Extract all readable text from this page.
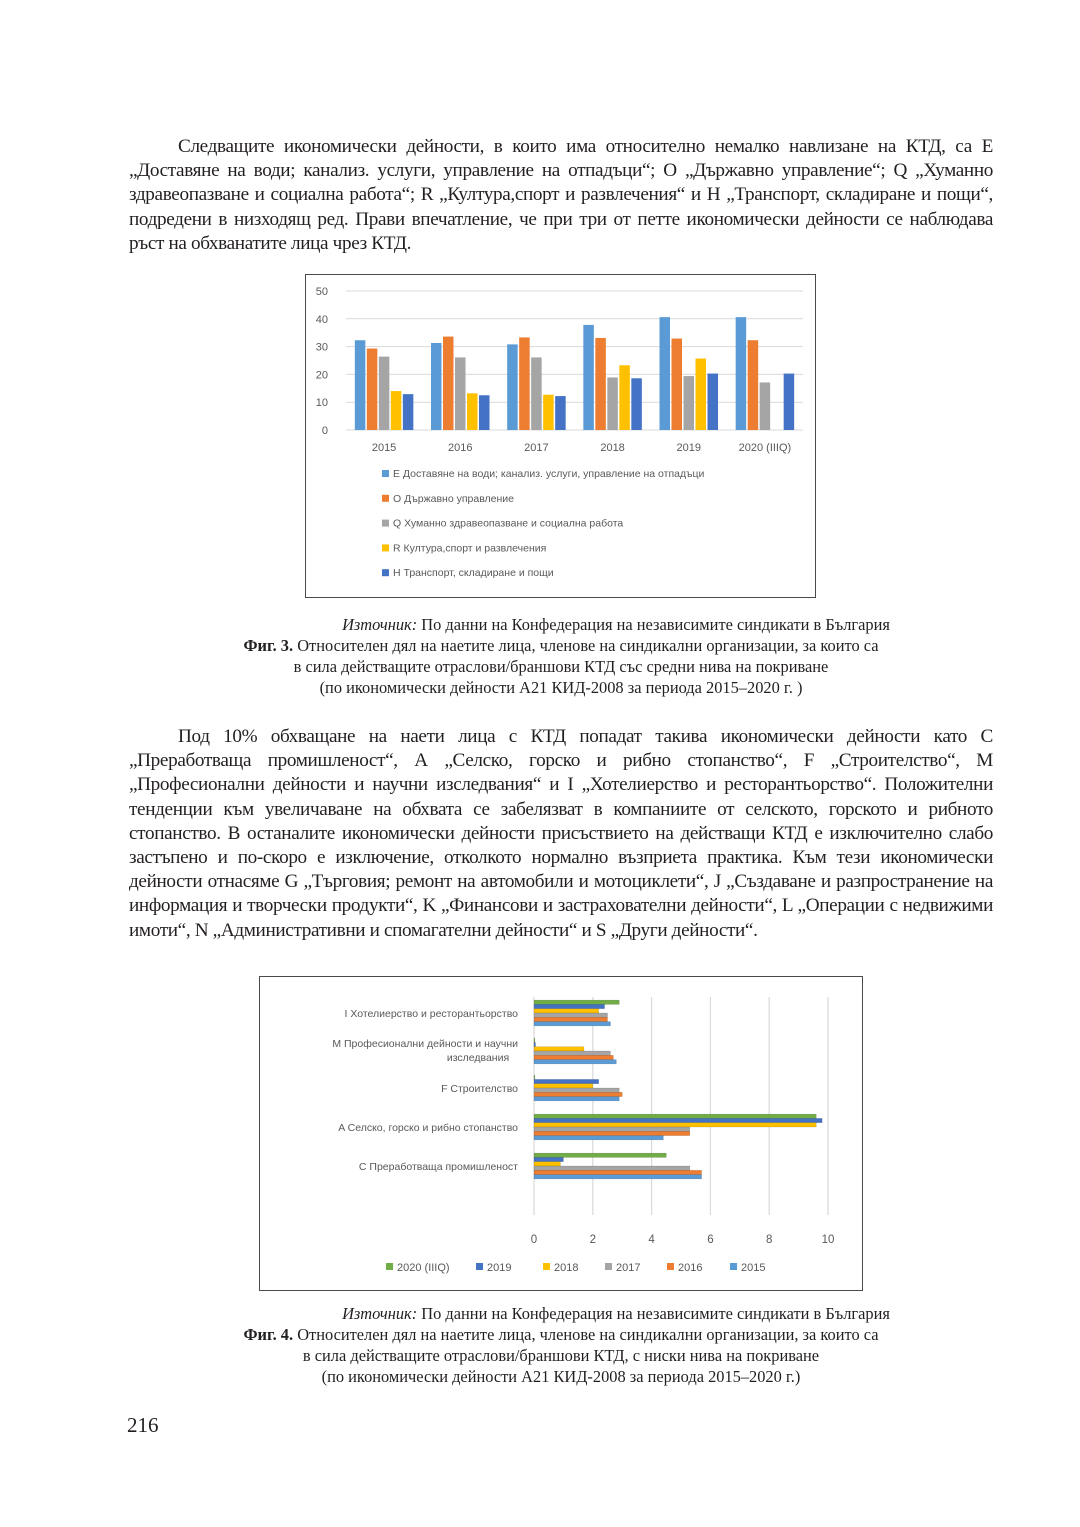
Следващите икономически дейности, в които има относително немалко навлизане на КТД, са E „Доставяне на води; канализ. услуги, управление на отпадъци“; О „Държавно управление“; Q „Хуманно здравеопазване и социална работа“; R „Култура,спорт и развлечения“ и H „Транспорт, складиране и пощи“, подредени в низходящ ред. Прави впечатление, че при три от петте икономически дейности се наблюдава ръст на обхванатите лица чрез КТД.

0
10
20
30
40
50
2015	2016	2017	2018	2019	2020 (IIIQ)
E Доставяне на води; канализ. услуги, управление на отпадъци
O Държавно управление
Q Хуманно здравеопазване и социална работа
R Култура,спорт и развлечения
H Транспорт, складиране и пощи
Източник: По данни на Конфедерация на независимите синдикати в България
Фиг. 3. Относителен дял на наетите лица, членове на синдикални организации, за които са
в сила действащите отраслови/браншови КТД със средни нива на покриване
(по икономически дейности А21 КИД-2008 за периода 2015–2020 г. )

Под 10% обхващане на наети лица с КТД попадат такива икономически дейности като С „Преработваща промишленост“, А „Селско, горско и рибно стопанство“, F „Строителство“, М „Професионални дейности и научни изследвания“ и I „Хотелиерство и ресторантьорство“. Положителни тенденции към увеличаване на обхвата се забелязват в компаниите от селското, горското и рибното стопанство. В останалите икономически дейности присъствието на действащи КТД е изключително слабо застъпено и по-скоро е изключение, отколкото нормално възприета практика. Към тези икономически дейности отнасяме G „Търговия; ремонт на автомобили и мотоциклети“, J „Създаване и разпространение на информация и творчески продукти“, K „Финансови и застрахователни дейности“, L „Операции с недвижими имоти“, N „Административни и спомагателни дейности“ и S „Други дейности“.

0	2	4	6	8	10
I Хотелиерство и ресторантьорство
M Професионални дейности и научни
изследвания
F Строителство
A Селско, горско и рибно стопанство
C Преработваща промишленост
2020 (IIIQ)	2019	2018	2017	2016	2015
Източник: По данни на Конфедерация на независимите синдикати в България
Фиг. 4. Относителен дял на наетите лица, членове на синдикални организации, за които са
в сила действащите отраслови/браншови КТД, с ниски нива на покриване
(по икономически дейности А21 КИД-2008 за периода 2015–2020 г.)
216
